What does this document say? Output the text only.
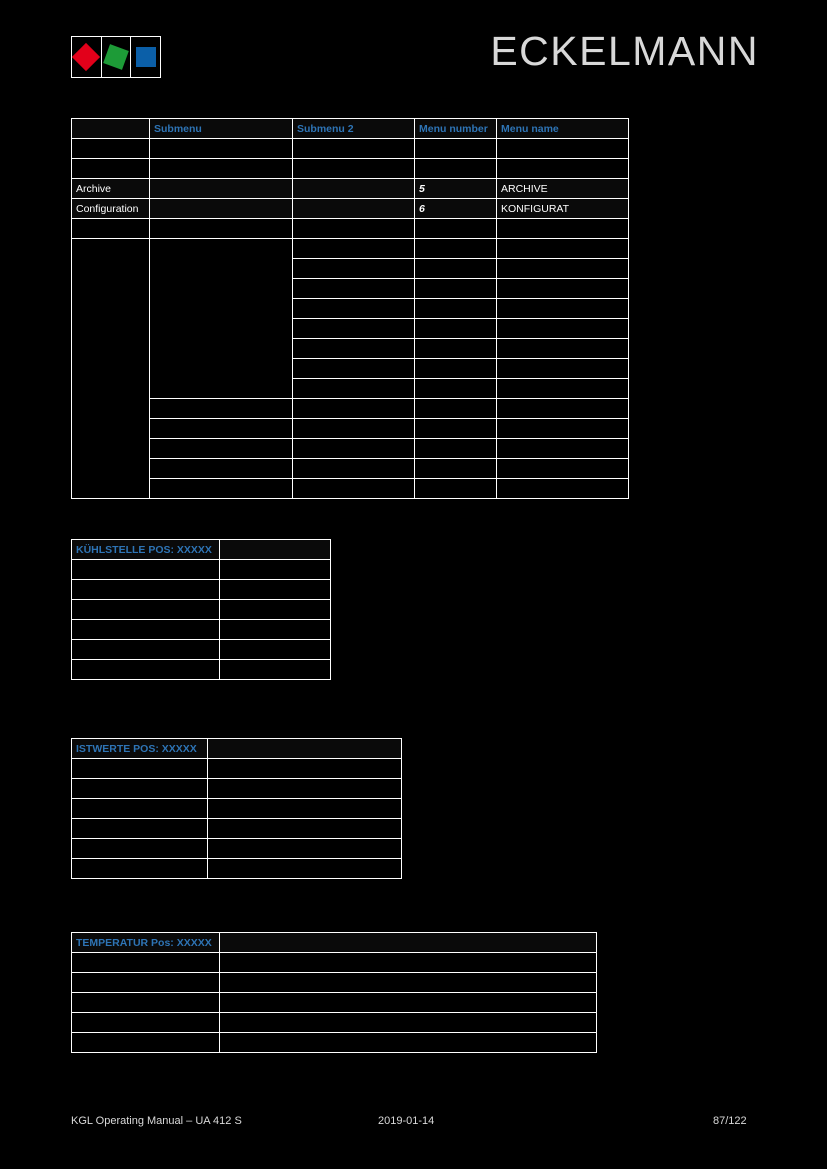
ECKELMANN
	Submenu	Submenu 2	Menu number	Menu name

Archive			5	ARCHIVE
Configuration			6	KONFIGURAT

KÜHLSTELLE POS: XXXXX	

ISTWERTE POS: XXXXX	

TEMPERATUR Pos: XXXXX	

KGL Operating Manual – UA 412 S	2019-01-14	87/122
